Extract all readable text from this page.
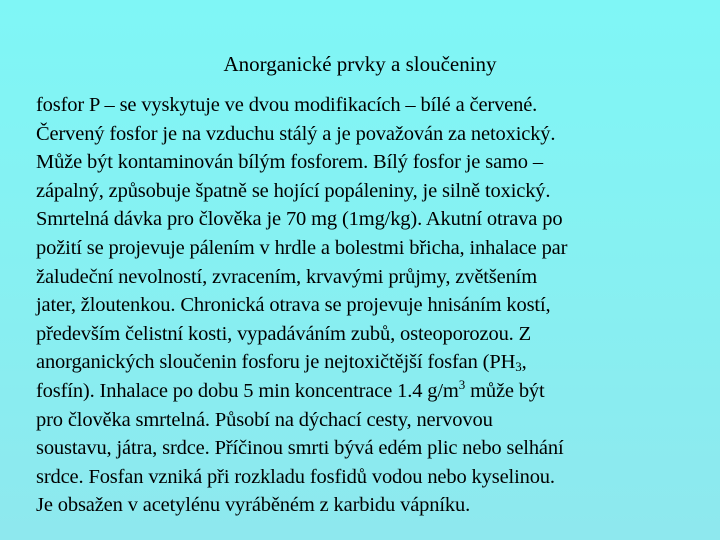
Anorganické prvky a sloučeniny
fosfor P – se vyskytuje ve dvou modifikacích – bílé a červené.
Červený fosfor je na vzduchu stálý a je považován za netoxický.
Může být kontaminován bílým fosforem. Bílý fosfor je samo –
zápalný, způsobuje špatně se hojící popáleniny, je silně toxický.
Smrtelná dávka pro člověka je 70 mg (1mg/kg). Akutní otrava po
požití se projevuje pálením v hrdle a bolestmi břicha, inhalace par
žaludeční nevolností, zvracením, krvavými průjmy, zvětšením
jater, žloutenkou. Chronická otrava se projevuje hnisáním kostí,
především čelistní kosti, vypadáváním zubů, osteoporozou. Z
anorganických sloučenin fosforu je nejtoxičtější fosfan ($PH_3$,
fosfín). Inhalace po dobu 5 min koncentrace 1.4 $g/m^3$ může být
pro člověka smrtelná. Působí na dýchací cesty, nervovou
soustavu, játra, srdce. Příčinou smrti bývá edém plic nebo selhání
srdce. Fosfan vzniká při rozkladu fosfidů vodou nebo kyselinou.
Je obsažen v acetylénu vyráběném z karbidu vápníku.
